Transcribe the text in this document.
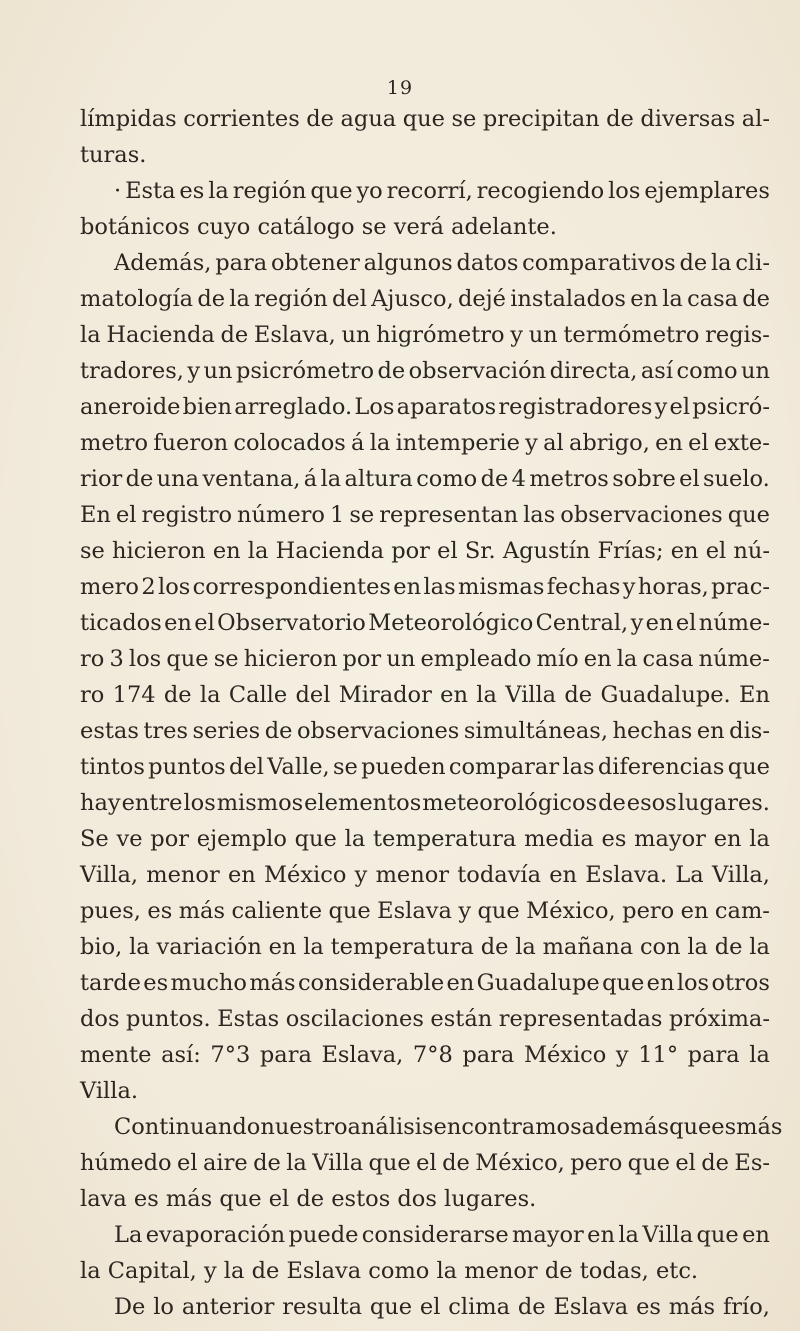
19
límpidas corrientes de agua que se precipitan de diversas al-
turas.
· Esta es la región que yo recorrí, recogiendo los ejemplares
botánicos cuyo catálogo se verá adelante.
Además, para obtener algunos datos comparativos de la cli-
matología de la región del Ajusco, dejé instalados en la casa de
la Hacienda de Eslava, un higrómetro y un termómetro regis-
tradores, y un psicrómetro de observación directa, así como un
aneroide bien arreglado. Los aparatos registradores y el psicró-
metro fueron colocados á la intemperie y al abrigo, en el exte-
rior de una ventana, á la altura como de 4 metros sobre el suelo.
En el registro número 1 se representan las observaciones que
se hicieron en la Hacienda por el Sr. Agustín Frías; en el nú-
mero 2 los correspondientes en las mismas fechas y horas, prac-
ticados en el Observatorio Meteorológico Central, y en el núme-
ro 3 los que se hicieron por un empleado mío en la casa núme-
ro 174 de la Calle del Mirador en la Villa de Guadalupe. En
estas tres series de observaciones simultáneas, hechas en dis-
tintos puntos del Valle, se pueden comparar las diferencias que
hay entre los mismos elementos meteorológicos de esos lugares.
Se ve por ejemplo que la temperatura media es mayor en la
Villa, menor en México y menor todavía en Eslava. La Villa,
pues, es más caliente que Eslava y que México, pero en cam-
bio, la variación en la temperatura de la mañana con la de la
tarde es mucho más considerable en Guadalupe que en los otros
dos puntos. Estas oscilaciones están representadas próxima-
mente así: 7°3 para Eslava, 7°8 para México y 11° para la
Villa.
Continuando nuestro análisis encontramos además que es más
húmedo el aire de la Villa que el de México, pero que el de Es-
lava es más que el de estos dos lugares.
La evaporación puede considerarse mayor en la Villa que en
la Capital, y la de Eslava como la menor de todas, etc.
De lo anterior resulta que el clima de Eslava es más frío,
